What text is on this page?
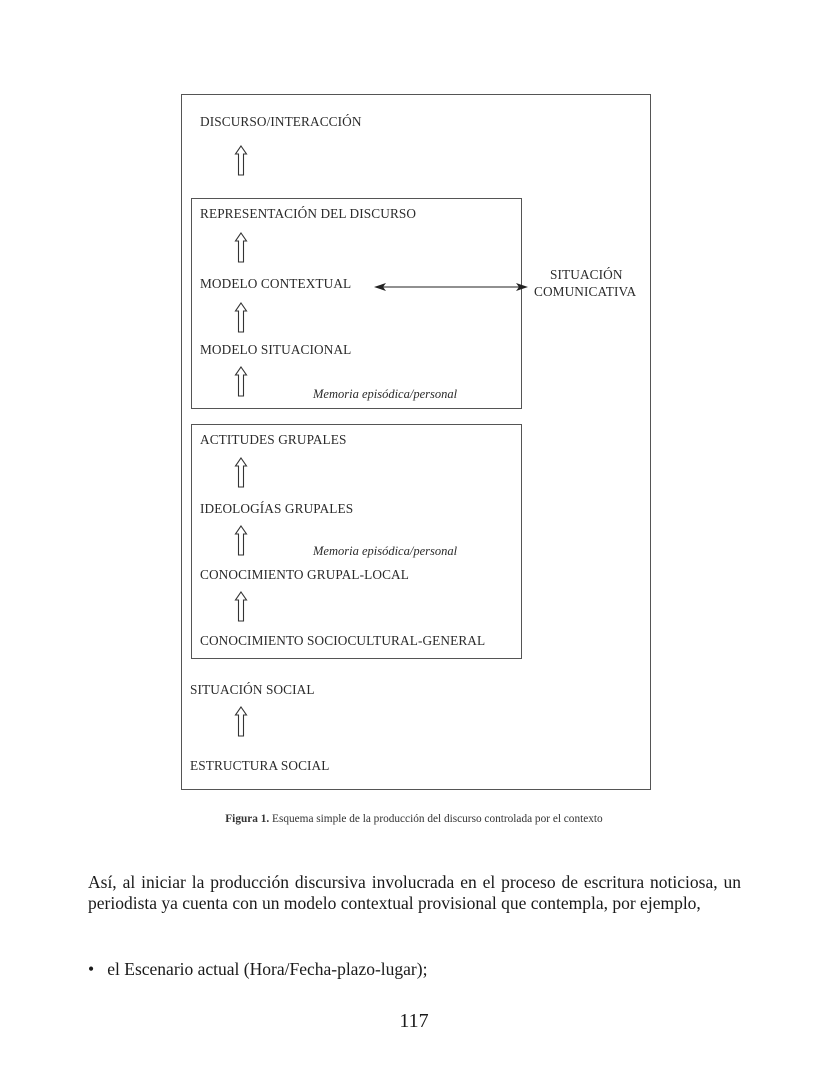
DISCURSO/INTERACCIÓN
REPRESENTACIÓN DEL DISCURSO
MODELO CONTEXTUAL
SITUACIÓN
COMUNICATIVA
MODELO SITUACIONAL
Memoria episódica/personal
ACTITUDES GRUPALES
IDEOLOGÍAS GRUPALES
Memoria episódica/personal
CONOCIMIENTO GRUPAL-LOCAL
CONOCIMIENTO SOCIOCULTURAL-GENERAL
SITUACIÓN SOCIAL
ESTRUCTURA SOCIAL
Figura 1. Esquema simple de la producción del discurso controlada por el contexto
Así, al iniciar la producción discursiva involucrada en el proceso de escritura noticiosa, un periodista ya cuenta con un modelo contextual provisional que contempla, por ejemplo,
• el Escenario actual (Hora/Fecha-plazo-lugar);
117
